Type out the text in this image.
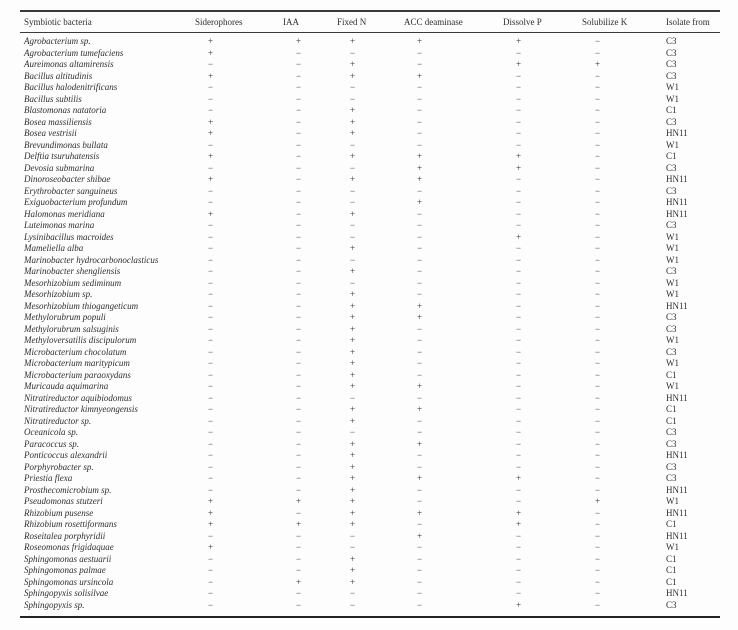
Symbiotic bacteria	Siderophores	IAA	Fixed N	ACC deaminase	Dissolve P	Solubilize K	Isolate from
Agrobacterium sp.	+	+	+	+	+	−	C3
Agrobacterium tumefaciens	+	−	−	−	−	−	C3
Aureimonas altamirensis	−	−	+	−	+	+	C3
Bacillus altitudinis	+	−	+	+	−	−	C3
Bacillus halodenitrificans	−	−	−	−	−	−	W1
Bacillus subtilis	−	−	−	−	−	−	W1
Blastomonas natatoria	−	−	+	−	−	−	C1
Bosea massiliensis	+	−	+	−	−	−	C3
Bosea vestrisii	+	−	+	−	−	−	HN11
Brevundimonas bullata	−	−	−	−	−	−	W1
Delftia tsuruhatensis	+	−	+	+	+	−	C1
Devosia submarina	−	−	−	+	+	−	C3
Dinoroseobacter shibae	+	−	+	+	−	−	HN11
Erythrobacter sanguineus	−	−	−	−	−	−	C3
Exiguobacterium profundum	−	−	−	+	−	−	HN11
Halomonas meridiana	+	−	+	−	−	−	HN11
Luteimonas marina	−	−	−	−	−	−	C3
Lysinibacillus macroides	−	−	−	−	+	−	W1
Mameliella alba	−	−	+	−	−	−	W1
Marinobacter hydrocarbonoclasticus	−	−	−	−	−	−	W1
Marinobacter shengliensis	−	−	+	−	−	−	C3
Mesorhizobium sediminum	−	−	−	−	−	−	W1
Mesorhizobium sp.	−	−	+	−	−	−	W1
Mesorhizobium thiogangeticum	−	−	+	+	−	−	HN11
Methylorubrum populi	−	−	+	+	−	−	C3
Methylorubrum salsuginis	−	−	+	−	−	−	C3
Methyloversatilis discipulorum	−	−	+	−	−	−	W1
Microbacterium chocolatum	−	−	+	−	−	−	C3
Microbacterium maritypicum	−	−	+	−	−	−	W1
Microbacterium paraoxydans	−	−	+	−	−	−	C1
Muricauda aquimarina	−	−	+	+	−	−	W1
Nitratireductor aquibiodomus	−	−	−	−	−	−	HN11
Nitratireductor kimnyeongensis	−	−	+	+	−	−	C1
Nitratireductor sp.	−	−	+	−	−	−	C1
Oceanicola sp.	−	−	−	−	−	−	C3
Paracoccus sp.	−	−	+	+	−	−	C3
Ponticoccus alexandrii	−	−	+	−	−	−	HN11
Porphyrobacter sp.	−	−	+	−	−	−	C3
Priestia flexa	−	−	+	+	+	−	C3
Prosthecomicrobium sp.	−	−	+	−	−	−	HN11
Pseudomonas stutzeri	+	+	+	−	−	+	W1
Rhizobium pusense	+	−	+	+	+	−	HN11
Rhizobium rosettiformans	+	+	+	−	+	−	C1
Roseitalea porphyridii	−	−	−	+	−	−	HN11
Roseomonas frigidaquae	+	−	−	−	−	−	W1
Sphingomonas aestuarii	−	−	+	−	−	−	C1
Sphingomonas palmae	−	−	+	−	−	−	C1
Sphingomonas ursincola	−	+	+	−	−	−	C1
Sphingopyxis solisilvae	−	−	−	−	−	−	HN11
Sphingopyxis sp.	−	−	−	−	+	−	C3
